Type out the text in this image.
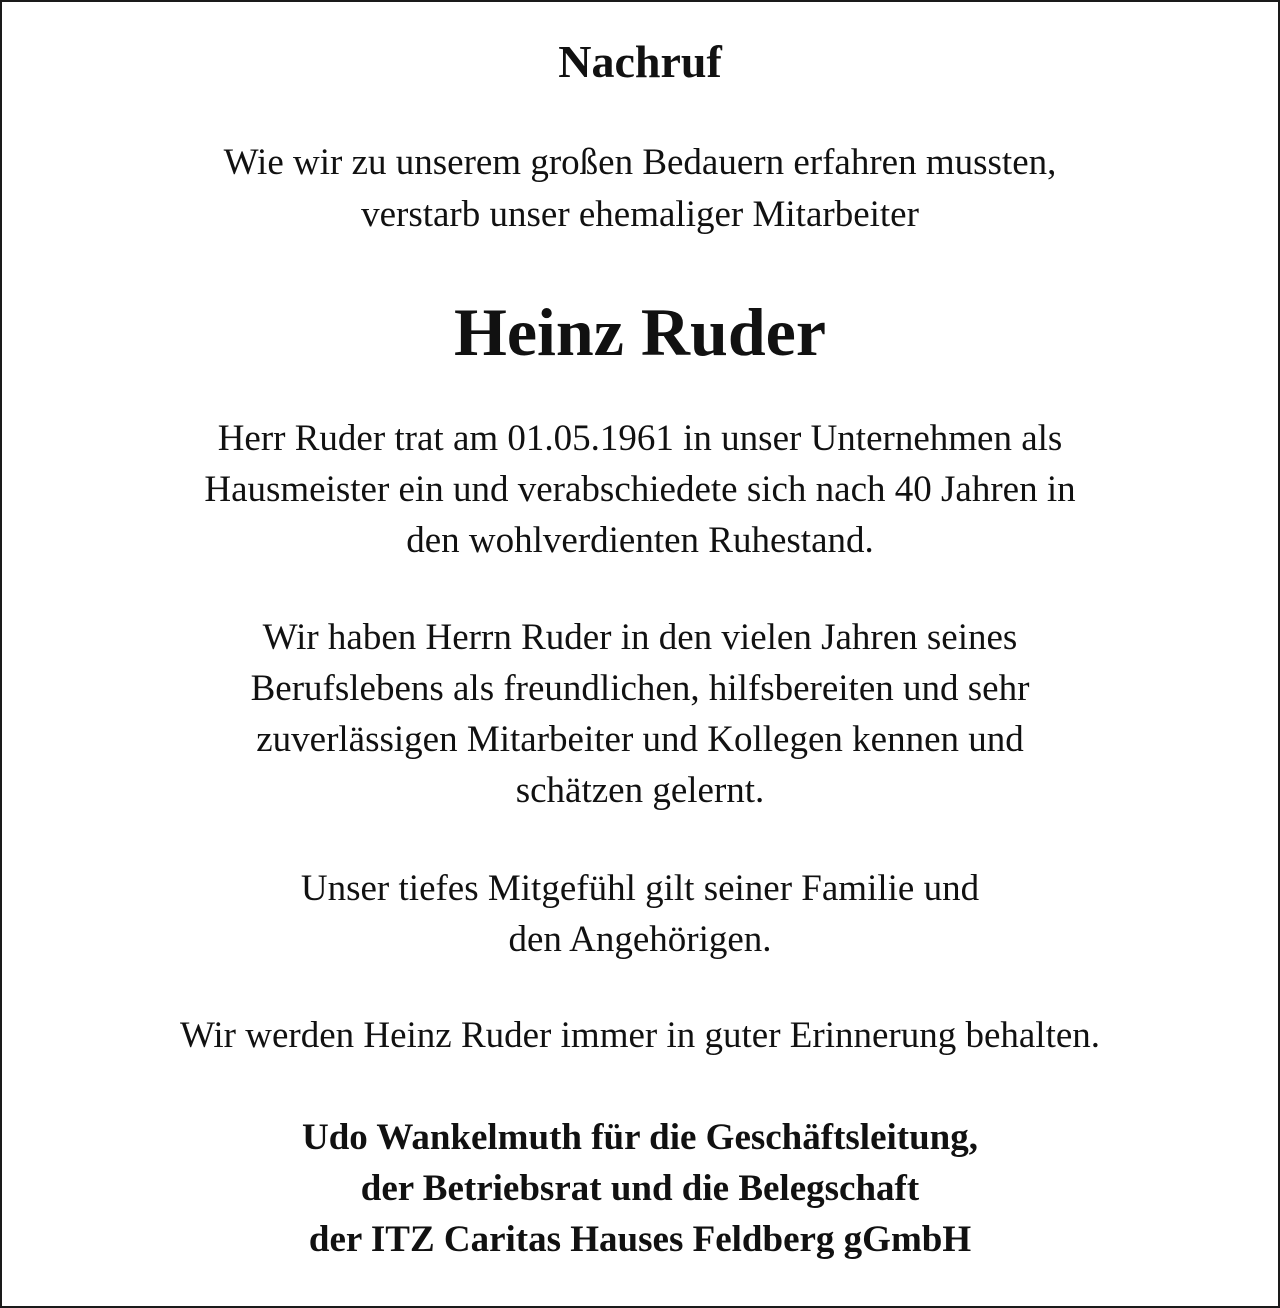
Nachruf
Wie wir zu unserem großen Bedauern erfahren mussten,
verstarb unser ehemaliger Mitarbeiter
Heinz Ruder
Herr Ruder trat am 01.05.1961 in unser Unternehmen als
Hausmeister ein und verabschiedete sich nach 40 Jahren in
den wohlverdienten Ruhestand.
Wir haben Herrn Ruder in den vielen Jahren seines
Berufslebens als freundlichen, hilfsbereiten und sehr
zuverlässigen Mitarbeiter und Kollegen kennen und
schätzen gelernt.
Unser tiefes Mitgefühl gilt seiner Familie und
den Angehörigen.
Wir werden Heinz Ruder immer in guter Erinnerung behalten.
Udo Wankelmuth für die Geschäftsleitung,
der Betriebsrat und die Belegschaft
der ITZ Caritas Hauses Feldberg gGmbH
